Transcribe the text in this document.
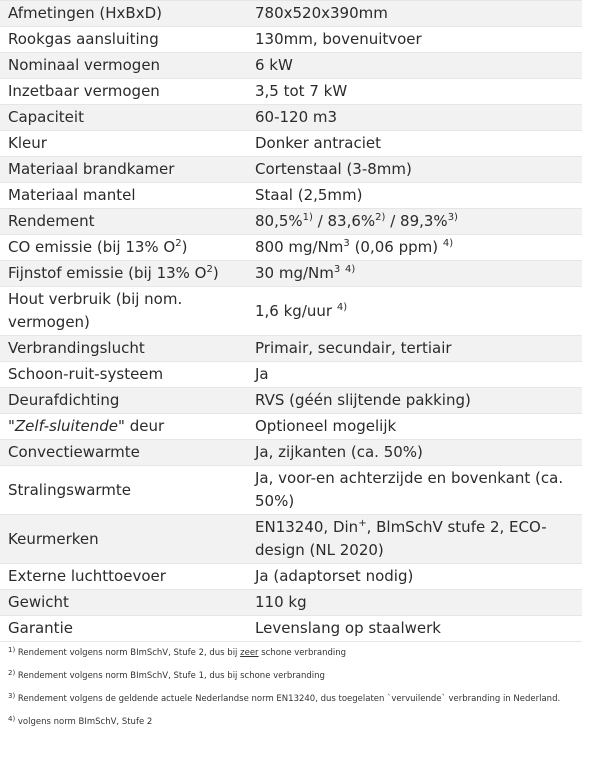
Afmetingen (HxBxD)	780x520x390mm
Rookgas aansluiting	130mm, bovenuitvoer
Nominaal vermogen	6 kW
Inzetbaar vermogen	3,5 tot 7 kW
Capaciteit	60-120 m3
Kleur	Donker antraciet
Materiaal brandkamer	Cortenstaal (3-8mm)
Materiaal mantel	Staal (2,5mm)
Rendement	80,5%$^{1)}$ / 83,6%$^{2)}$ / 89,3%$^{3)}$
CO emissie (bij 13% $O^2$)	800 mg/Nm$^3$ (0,06 ppm) $^{4)}$
Fijnstof emissie (bij 13% $O^2$)	30 mg/Nm$^3$ $^{4)}$
Hout verbruik (bij nom. vermogen)	1,6 kg/uur $^{4)}$
Verbrandingslucht	Primair, secundair, tertiair
Schoon-ruit-systeem	Ja
Deurafdichting	RVS (géén slijtende pakking)
"Zelf-sluitende" deur	Optioneel mogelijk
Convectiewarmte	Ja, zijkanten (ca. 50%)
Stralingswarmte	Ja, voor-en achterzijde en bovenkant (ca. 50%)
Keurmerken	EN13240, Din+, BlmSchV stufe 2, ECO-design (NL 2020)
Externe luchttoevoer	Ja (adaptorset nodig)
Gewicht	110 kg
Garantie	Levenslang op staalwerk

$^{1)}$ Rendement volgens norm BImSchV, Stufe 2, dus bij zeer schone verbranding

$^{2)}$ Rendement volgens norm BImSchV, Stufe 1, dus bij schone verbranding

$^{3)}$ Rendement volgens de geldende actuele Nederlandse norm EN13240, dus toegelaten `vervuilende` verbranding in Nederland.

$^{4)}$ volgens norm BImSchV, Stufe 2
